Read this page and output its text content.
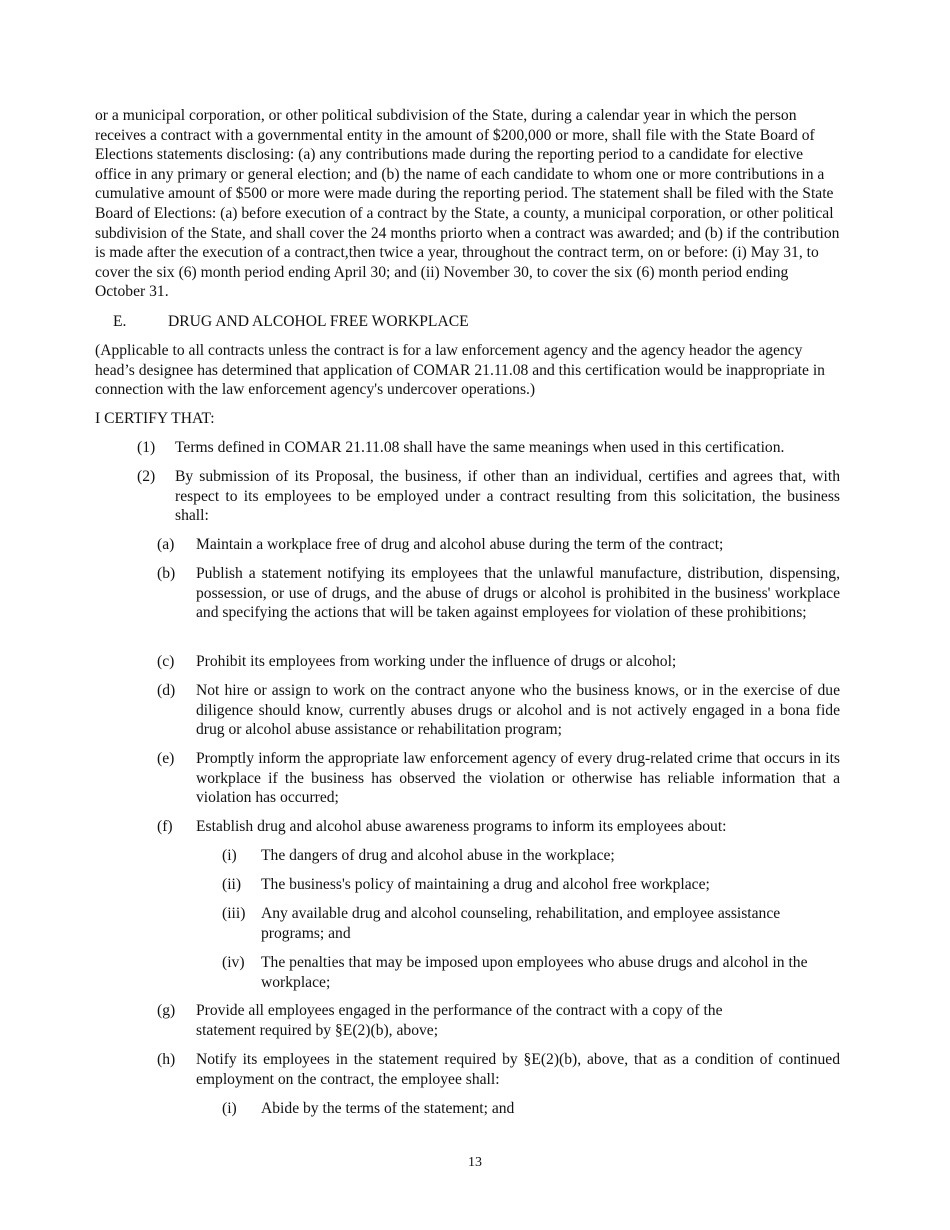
or a municipal corporation, or other political subdivision of the State, during a calendar year in which the person receives a contract with a governmental entity in the amount of $200,000 or more, shall file with the State Board of Elections statements disclosing: (a) any contributions made during the reporting period to a candidate for elective office in any primary or general election; and (b) the name of each candidate to whom one or more contributions in a cumulative amount of $500 or more were made during the reporting period. The statement shall be filed with the State Board of Elections: (a) before execution of a contract by the State, a county, a municipal corporation, or other political subdivision of the State, and shall cover the 24 months priorto when a contract was awarded; and (b) if the contribution is made after the execution of a contract,then twice a year, throughout the contract term, on or before: (i) May 31, to cover the six (6) month period ending April 30; and (ii) November 30, to cover the six (6) month period ending October 31.

E.	DRUG AND ALCOHOL FREE WORKPLACE

(Applicable to all contracts unless the contract is for a law enforcement agency and the agency heador the agency head’s designee has determined that application of COMAR 21.11.08 and this certification would be inappropriate in connection with the law enforcement agency's undercover operations.)

I CERTIFY THAT:

(1)	Terms defined in COMAR 21.11.08 shall have the same meanings when used in this certification.

(2)	By submission of its Proposal, the business, if other than an individual, certifies and agrees that, with respect to its employees to be employed under a contract resulting from this solicitation, the business shall:

(a)	Maintain a workplace free of drug and alcohol abuse during the term of the contract;

(b)	Publish a statement notifying its employees that the unlawful manufacture, distribution, dispensing, possession, or use of drugs, and the abuse of drugs or alcohol is prohibited in the business' workplace and specifying the actions that will be taken against employees for violation of these prohibitions;

(c)	Prohibit its employees from working under the influence of drugs or alcohol;

(d)	Not hire or assign to work on the contract anyone who the business knows, or in the exercise of due diligence should know, currently abuses drugs or alcohol and is not actively engaged in a bona fide drug or alcohol abuse assistance or rehabilitation program;

(e)	Promptly inform the appropriate law enforcement agency of every drug-related crime that occurs in its workplace if the business has observed the violation or otherwise has reliable information that a violation has occurred;

(f)	Establish drug and alcohol abuse awareness programs to inform its employees about:

(i)	The dangers of drug and alcohol abuse in the workplace;

(ii)	The business's policy of maintaining a drug and alcohol free workplace;

(iii)	Any available drug and alcohol counseling, rehabilitation, and employee assistance programs; and

(iv)	The penalties that may be imposed upon employees who abuse drugs and alcohol in the workplace;

(g)	Provide all employees engaged in the performance of the contract with a copy of the statement required by §E(2)(b), above;

(h)	Notify its employees in the statement required by §E(2)(b), above, that as a condition of continued employment on the contract, the employee shall:

(i)	Abide by the terms of the statement; and

13
